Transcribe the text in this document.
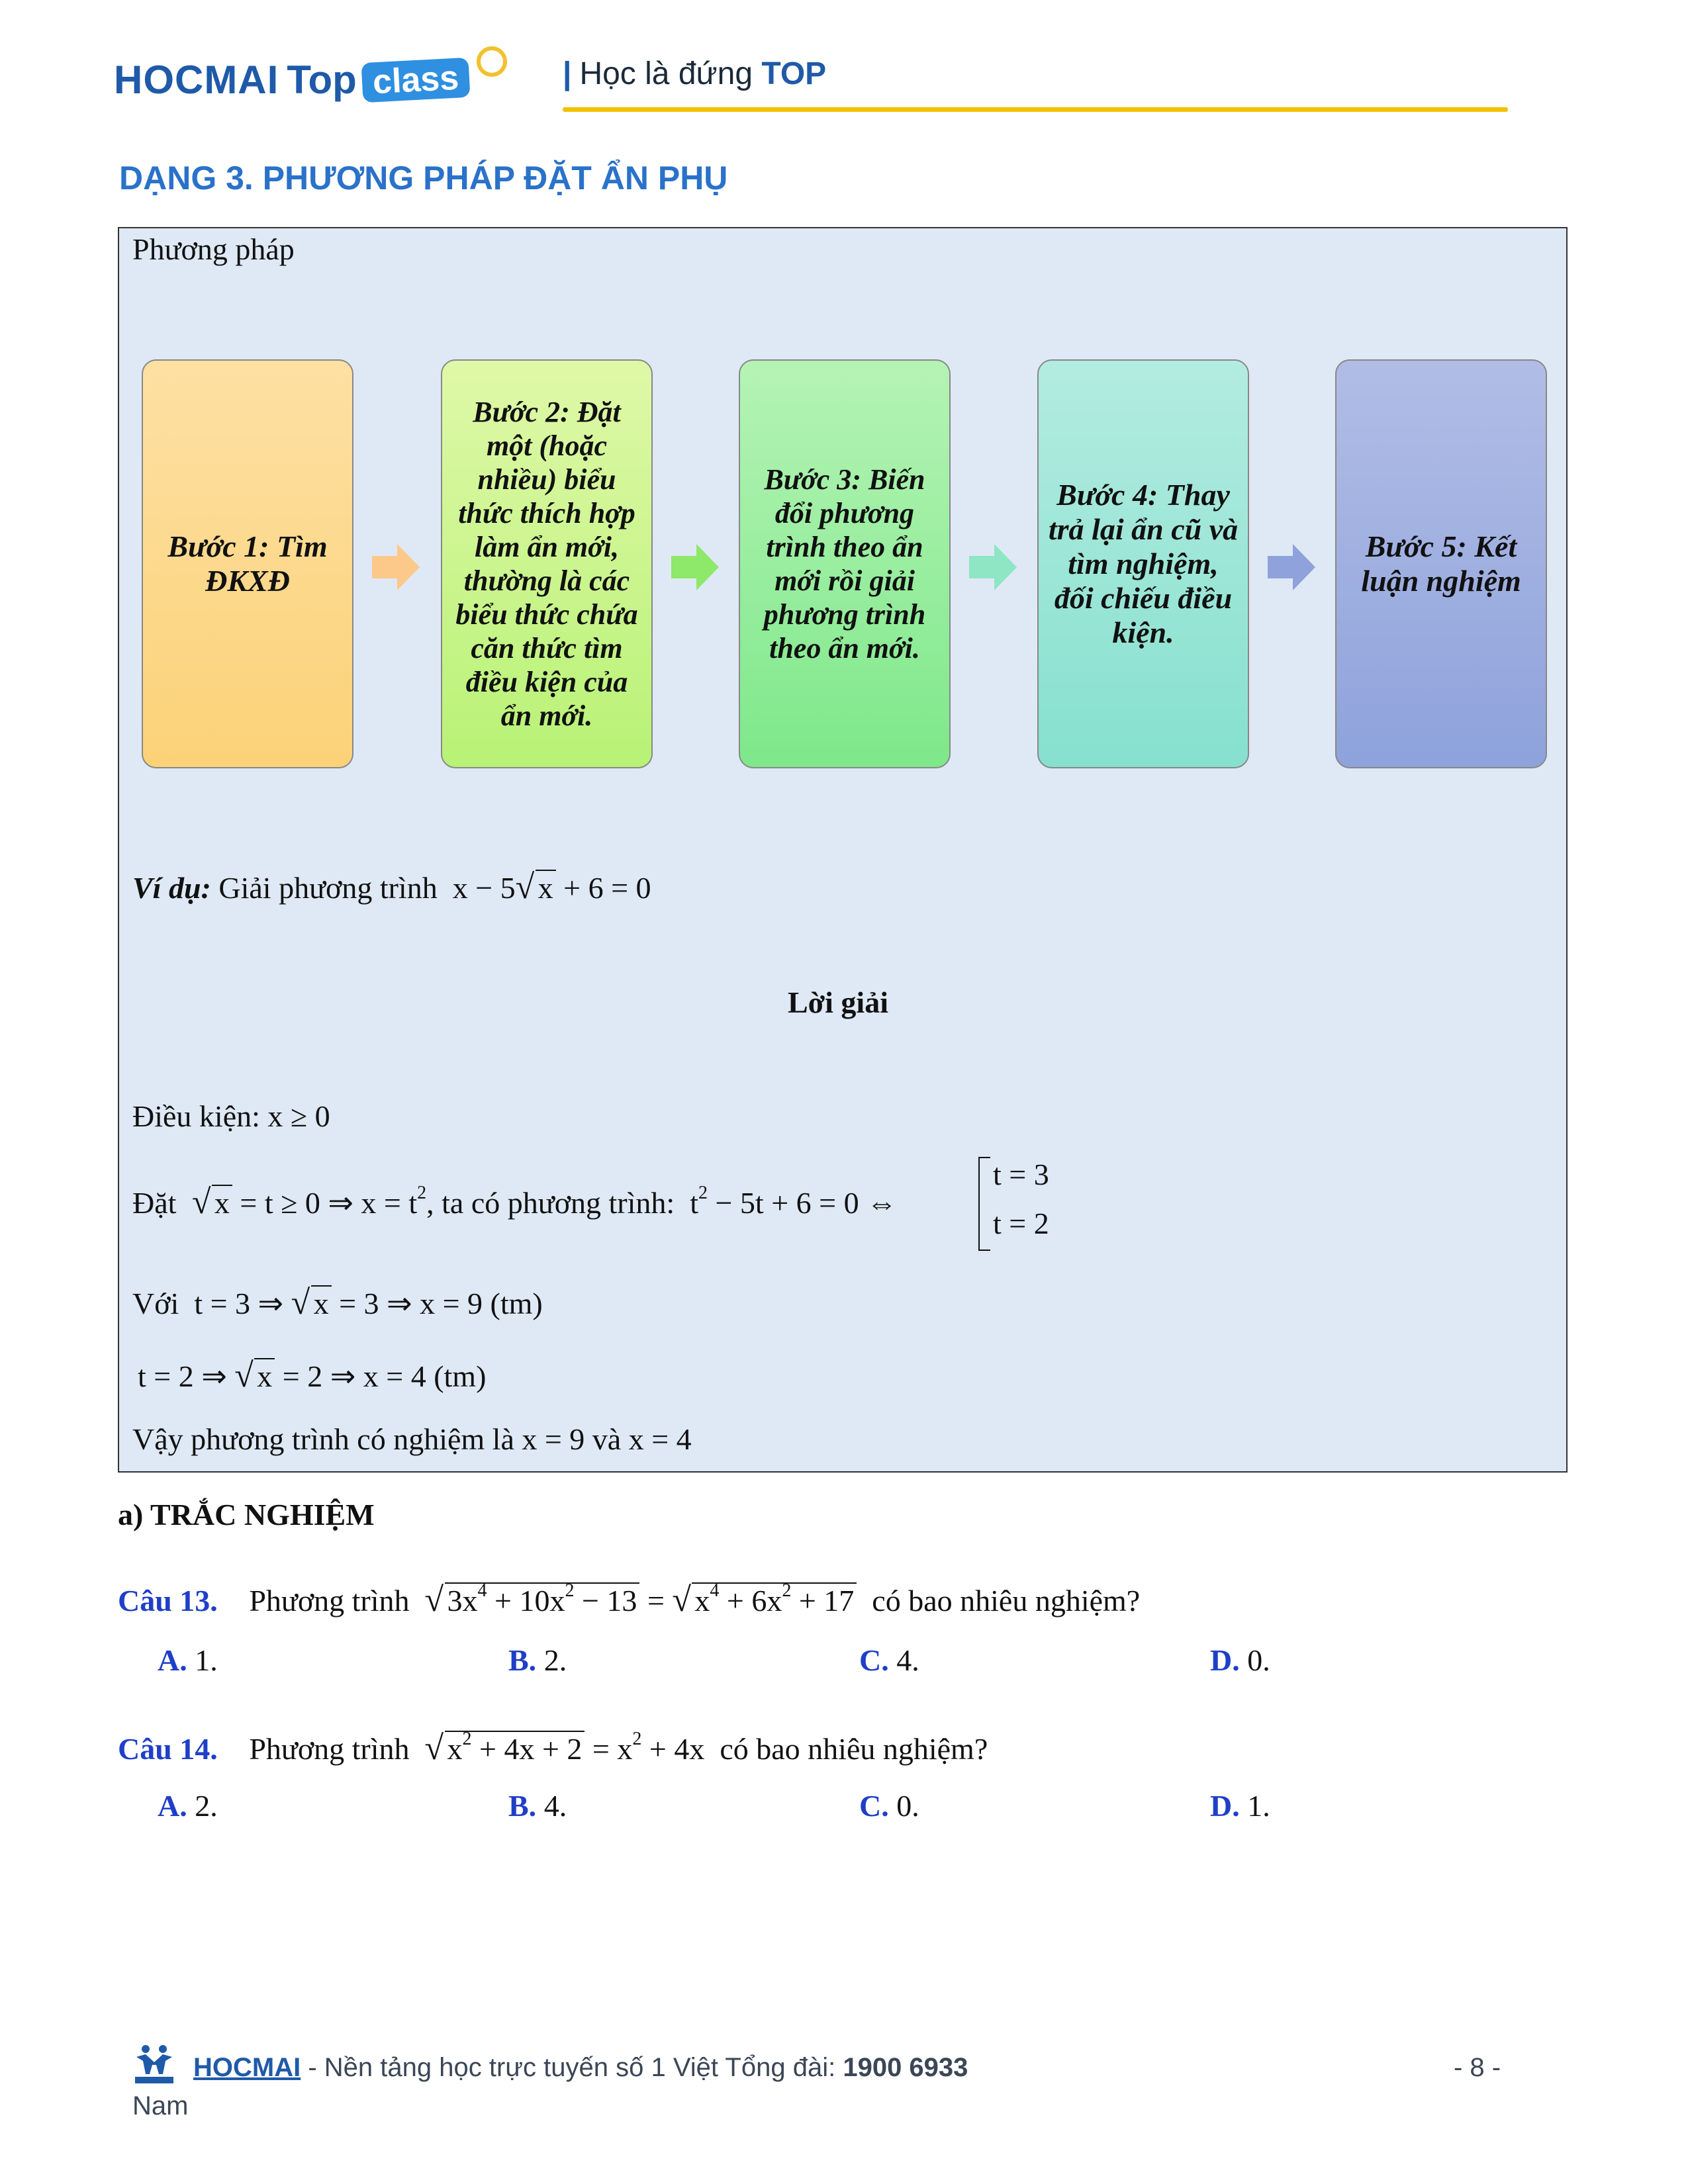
HOCMAI Top class	| Học là đứng TOP
DẠNG 3. PHƯƠNG PHÁP ĐẶT ẨN PHỤ
Phương pháp
Bước 1: Tìm ĐKXĐ
Bước 2: Đặt một (hoặc nhiều) biểu thức thích hợp làm ẩn mới, thường là các biểu thức chứa căn thức tìm điều kiện của ẩn mới.
Bước 3: Biến đổi phương trình theo ẩn mới rồi giải phương trình theo ẩn mới.
Bước 4: Thay trả lại ẩn cũ và tìm nghiệm, đối chiếu điều kiện.
Bước 5: Kết luận nghiệm
Ví dụ: Giải phương trình  x − 5 √ x + 6 = 0
Lời giải
Điều kiện: x ≥ 0
Đặt √ x = t ≥ 0 ⇒ $x = t^2$, ta có phương trình:  $t^2 - 5t + 6 = 0$ ⇔
t = 3
t = 2
Với  t = 3 ⇒ √ x = 3 ⇒ x = 9 (tm)
t = 2 ⇒ √ x = 2 ⇒ x = 4 (tm)
Vậy phương trình có nghiệm là x = 9 và x = 4
a) TRẮC NGHIỆM
Câu 13. Phương trình √ $3x^4 + 10x^2 - 13$ = √ $x^4 + 6x^2 + 17$ có bao nhiêu nghiệm?
A. 1.	B. 2.	C. 4.	D. 0.
Câu 14. Phương trình √ $x^2 + 4x + 2 = x^2 + 4x$  có bao nhiêu nghiệm?
A. 2.	B. 4.	C. 0.	D. 1.
HOCMAI - Nền tảng học trực tuyến số 1 Việt Tổng đài: 1900 6933
Nam
- 8 -
